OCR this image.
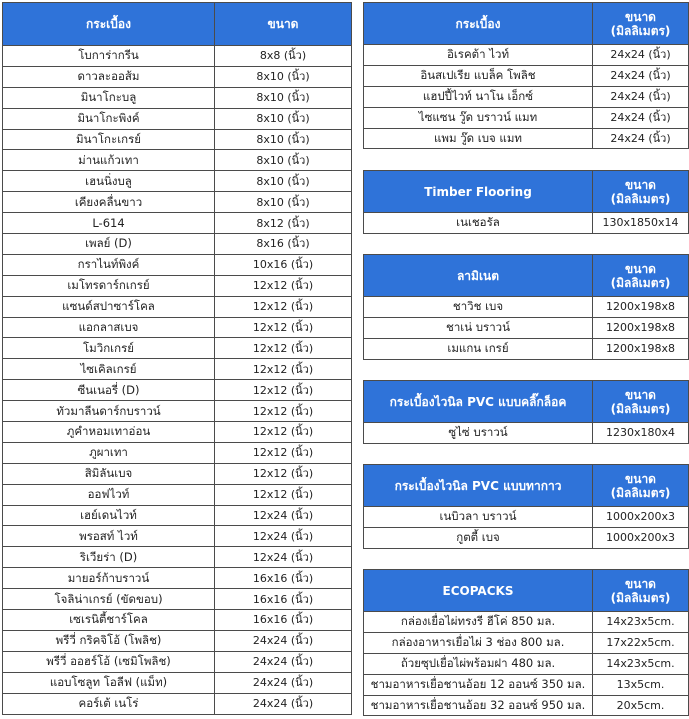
กระเบื้อง	ขนาด
โบการ่ากรีน	8x8 (นิ้ว)
ดาวละออส้ม	8x10 (นิ้ว)
มินาโกะบลู	8x10 (นิ้ว)
มินาโกะพิงค์	8x10 (นิ้ว)
มินาโกะเกรย์	8x10 (นิ้ว)
ม่านแก้วเทา	8x10 (นิ้ว)
เฮนนิ่งบลู	8x10 (นิ้ว)
เคียงคลื่นขาว	8x10 (นิ้ว)
L-614	8x12 (นิ้ว)
เพลย์ (D)	8x16 (นิ้ว)
กราไนท์พิงค์	10x16 (นิ้ว)
เมโทรดาร์กเกรย์	12x12 (นิ้ว)
แซนด์สปาซาร์โคล	12x12 (นิ้ว)
แอกลาสเบจ	12x12 (นิ้ว)
โมวิกเกรย์	12x12 (นิ้ว)
ไซเคิลเกรย์	12x12 (นิ้ว)
ซีนเนอรี่ (D)	12x12 (นิ้ว)
ทัวมาลีนดาร์กบราวน์	12x12 (นิ้ว)
ภูคำหอมเทาอ่อน	12x12 (นิ้ว)
ภูผาเทา	12x12 (นิ้ว)
สิมิลันเบจ	12x12 (นิ้ว)
ออฟไวท์	12x12 (นิ้ว)
เฮย์เดนไวท์	12x24 (นิ้ว)
พรอสท์ ไวท์	12x24 (นิ้ว)
ริเวียร่า (D)	12x24 (นิ้ว)
มายอร์ก้าบราวน์	16x16 (นิ้ว)
โจลิน่าเกรย์ (ขัดขอบ)	16x16 (นิ้ว)
เซเรนิตี้ชาร์โคล	16x16 (นิ้ว)
พรีวี่ กริคจิโอ้ (โพลิช)	24x24 (นิ้ว)
พรีวี่ ออฮร์โอ้ (เซมิโพลิช)	24x24 (นิ้ว)
แอบโซลูท โอลีฟ (แม็ท)	24x24 (นิ้ว)
คอร์เต้ เนโร่	24x24 (นิ้ว)
กระเบื้อง	ขนาด
(มิลลิเมตร)
อิเรคต้า ไวท์	24x24 (นิ้ว)
อินสเปเรีย แบล็ค โพลิช	24x24 (นิ้ว)
แฮปปี้ไวท์ นาโน เอ็กซ์	24x24 (นิ้ว)
ไซแซน วู๊ด บราวน์ แมท	24x24 (นิ้ว)
แพม วู๊ด เบจ แมท	24x24 (นิ้ว)
Timber Flooring	ขนาด
(มิลลิเมตร)
เนเชอรัล	130x1850x14
ลามิเนต	ขนาด
(มิลลิเมตร)
ชาวิช เบจ	1200x198x8
ชาเน่ บราวน์	1200x198x8
เมแกน เกรย์	1200x198x8
กระเบื้องไวนิล PVC แบบคลิ๊กล็อค	ขนาด
(มิลลิเมตร)
ซูไซ่ บราวน์	1230x180x4
กระเบื้องไวนิล PVC แบบทากาว	ขนาด
(มิลลิเมตร)
เนบิวลา บราวน์	1000x200x3
กูตตี้ เบจ	1000x200x3
ECOPACKS	ขนาด
(มิลลิเมตร)
กล่องเยื่อไผ่ทรงรี ฮีโค่ 850 มล.	14x23x5cm.
กล่องอาหารเยื่อไผ่ 3 ช่อง 800 มล.	17x22x5cm.
ถ้วยซุปเยื่อไผ่พร้อมฝา 480 มล.	14x23x5cm.
ชามอาหารเยื่อชานอ้อย 12 ออนซ์ 350 มล.	13x5cm.
ชามอาหารเยื่อชานอ้อย 32 ออนซ์ 950 มล.	20x5cm.
